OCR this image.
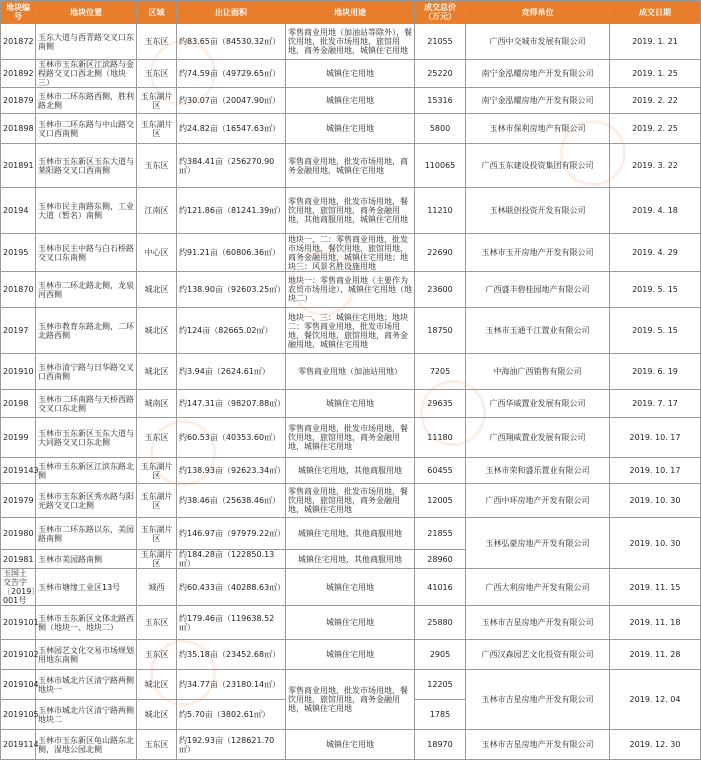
地块编号	地块位置	区域	出让面积	地块用途	成交总价（万元）	竞得单位	成交日期
201872	玉东大道与西青路交叉口东南侧	玉东区	约83.65亩（84530.32㎡）	零售商业用地（加油站等除外），餐饮用地，批发市场用地，旅馆用地，商务金融用地，城镇住宅用地	21055	广西中交城市发展有限公司	2019. 1. 21
201892	玉林市玉东新区江滨路与金程路交叉口西北侧（地块三）	玉东区	约74.59亩（49729.65㎡）	城镇住宅用地	25220	南宁金泓耀房地产开发有限公司	2019. 1. 25
201879	玉林市二环东路西侧，胜利路北侧	玉东湖片区	约30.07亩（20047.90㎡）	城镇住宅用地	15316	南宁金泓耀房地产开发有限公司	2019. 2. 22
201898	玉林市二环东路与中山路交叉口西南侧	玉东湖片区	约24.82亩（16547.63㎡）	城镇住宅用地	5800	玉林市保利房地产有限公司	2019. 2. 25
201891	玉林市玉东新区玉东大道与莱阳路交叉口西南侧	玉东区	约384.41亩（256270.90㎡）	零售商业用地，批发市场用地，商务金融用地，城镇住宅用地	110065	广西玉东建设投资集团有限公司	2019. 3. 22
20194	玉林市民主南路东侧，工业大道（暂名）南侧	江南区	约121.86亩（81241.39㎡）	零售商业用地，批发市场用地，餐饮用地，旅馆用地，商务金融用地，其他商服用地，城镇住宅用地	11210	玉林联创投资开发有限公司	2019. 4. 18
20195	玉林市民主中路与白石桥路交叉口东南侧	中心区	约91.21亩（60806.36㎡）	地块一、二：零售商业用地，批发市场用地，餐饮用地，旅馆用地，商务金融用地，城镇住宅用地；地块三：风景名胜设施用地	22690	玉林市玉开房地产开发有限公司	2019. 4. 29
201870	玉林市二环北路北侧，龙泉河西侧	城北区	约138.90亩（92603.25㎡）	地块一：零售商业用地（主要作为农贸市场用途）、城镇住宅用地（地块二）	23600	广西盛丰碧桂园地产有限公司	2019. 5. 15
20197	玉林市教育东路北侧，二环北路西侧	城北区	约124亩（82665.02㎡）	地块一、三：城镇住宅用地；地块二：零售商业用地，批发市场用地，餐饮用地，旅馆用地，商务金融用地，城镇住宅用地	18750	玉林市玉通千江置业有限公司	2019. 5. 15
201910	玉林市清宁路与日华路交叉口西南侧	城北区	约3.94亩（2624.61㎡）	零售商业用地（加油站用地）	7205	中海油广西销售有限公司	2019. 6. 19
20198	玉林市二环南路与天桥西路交叉口东北侧	城南区	约147.31亩（98207.88㎡）	城镇住宅用地	29635	广西华威置业发展有限公司	2019. 7. 17
20199	玉林市玉东新区玉东大道与大同路交叉口东北侧	玉东区	约60.53亩（40353.60㎡）	零售商业用地，批发市场用地，餐饮用地，旅馆用地，商务金融用地，城镇住宅用地	11180	广西翔威置业发展有限公司	2019. 10. 17
2019143	玉林市玉东新区江滨东路北侧	玉东湖片区	约138.93亩（92623.34㎡）	城镇住宅用地，其他商服用地	60455	玉林市荣和盛乐置业有限公司	2019. 10. 17
201979	玉林市玉东新区秀水路与阳光路交叉口北侧	玉东湖片区	约38.46亩（25638.46㎡）	零售商业用地，批发市场用地，餐饮用地，旅馆用地，商务金融用地，城镇住宅用地	12005	广西中环房地产开发有限公司	2019. 10. 30
201980	玉林市二环东路以东，美园路南侧	玉东湖片区	约146.97亩（97979.22㎡）	城镇住宅用地，其他商服用地	21855	玉林弘豪房地产开发有限公司	2019. 10. 30
201981	玉林市美园路南侧	玉东湖片区	约184.28亩（122850.13㎡）	城镇住宅用地，其他商服用地	28960		
玉国土交告字〔2019〕001号	玉林市塘缘工业区13号	城西	约60.433亩（40288.63㎡）	城镇住宅用地	41016	广西大利房地产开发有限公司	2019. 11. 15
2019101	玉林市玉东新区文体北路西侧（地块一、地块二）	玉东区	约179.46亩（119638.52㎡）	城镇住宅用地	25880	玉林市吉星房地产开发有限公司	2019. 11. 18
2019102	玉林园艺文化交易市场规划用地东南侧	玉东区	约35.18亩（23452.68㎡）	城镇住宅用地	2905	广西汉森园艺文化投资有限公司	2019. 11. 28
2019104	玉林市城北片区清宁路两侧地块一	城北区	约34.77亩（23180.14㎡）	零售商业用地，批发市场用地，餐饮用地，旅馆用地，商务金融用地，城镇住宅用地	12205	玉林市吉星房地产开发有限公司	2019. 12. 04
2019105	玉林市城北片区清宁路两侧地块二	城北区	约5.70亩（3802.61㎡）		1785		
2019114	玉林市玉东新区龟山路东北侧，湿地公园北侧	玉东区	约192.93亩（128621.70㎡）	城镇住宅用地	18970	玉林市吉星房地产开发有限公司	2019. 12. 30
